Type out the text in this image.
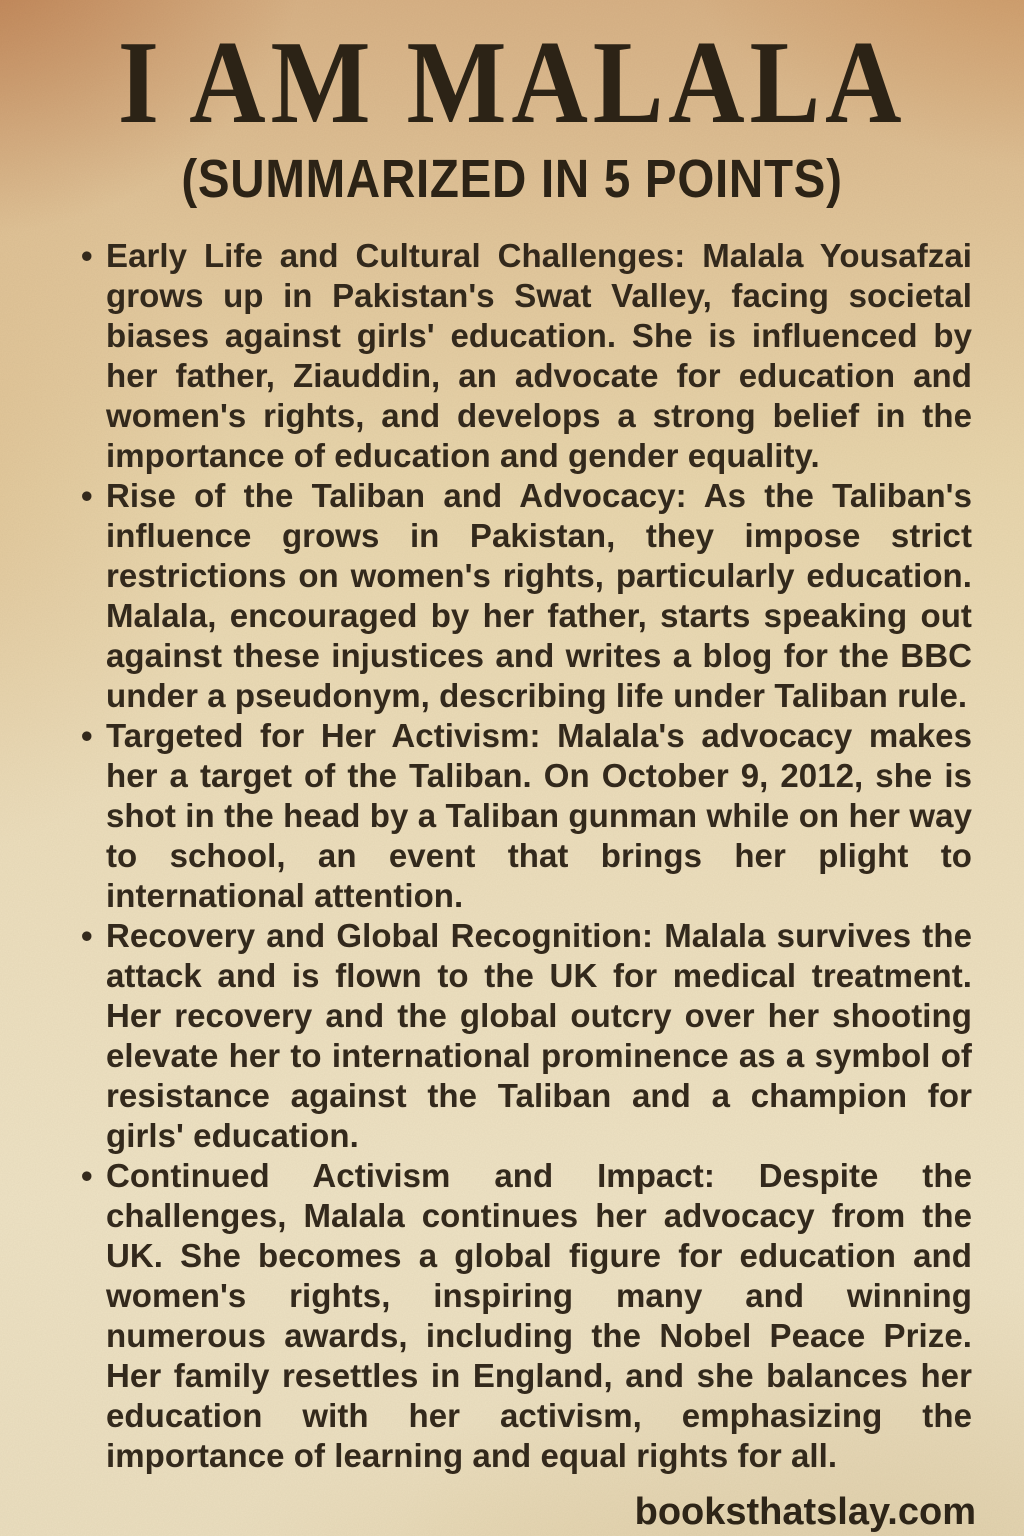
I AM MALALA
(SUMMARIZED IN 5 POINTS)
• Early Life and Cultural Challenges: Malala Yousafzai grows up in Pakistan's Swat Valley, facing societal biases against girls' education. She is influenced by her father, Ziauddin, an advocate for education and women's rights, and develops a strong belief in the importance of education and gender equality.
• Rise of the Taliban and Advocacy: As the Taliban's influence grows in Pakistan, they impose strict restrictions on women's rights, particularly education. Malala, encouraged by her father, starts speaking out against these injustices and writes a blog for the BBC under a pseudonym, describing life under Taliban rule.
• Targeted for Her Activism: Malala's advocacy makes her a target of the Taliban. On October 9, 2012, she is shot in the head by a Taliban gunman while on her way to school, an event that brings her plight to international attention.
• Recovery and Global Recognition: Malala survives the attack and is flown to the UK for medical treatment. Her recovery and the global outcry over her shooting elevate her to international prominence as a symbol of resistance against the Taliban and a champion for girls' education.
• Continued Activism and Impact: Despite the challenges, Malala continues her advocacy from the UK. She becomes a global figure for education and women's rights, inspiring many and winning numerous awards, including the Nobel Peace Prize. Her family resettles in England, and she balances her education with her activism, emphasizing the importance of learning and equal rights for all.
booksthatslay.com
